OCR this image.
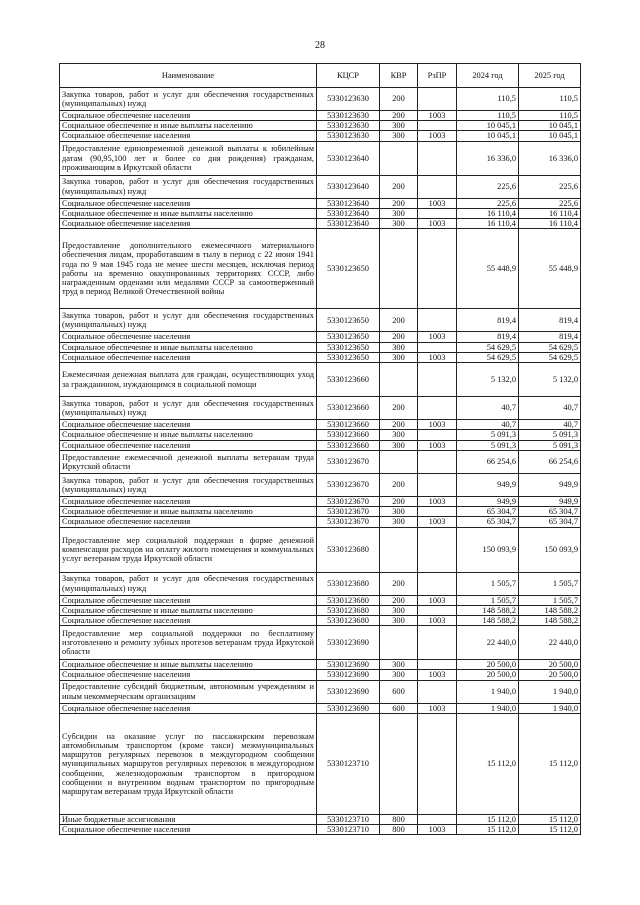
28
Наименование	КЦСР	КВР	РзПР	2024 год	2025 год
Закупка товаров, работ и услуг для обеспечения государственных (муниципальных) нужд	5330123630	200		110,5	110,5
Социальное обеспечение населения	5330123630	200	1003	110,5	110,5
Социальное обеспечение и иные выплаты населению	5330123630	300		10 045,1	10 045,1
Социальное обеспечение населения	5330123630	300	1003	10 045,1	10 045,1
Предоставление единовременной денежной выплаты к юбилейным датам (90,95,100 лет и более со дня рождения) гражданам, проживающим в Иркутской области	5330123640			16 336,0	16 336,0
Закупка товаров, работ и услуг для обеспечения государственных (муниципальных) нужд	5330123640	200		225,6	225,6
Социальное обеспечение населения	5330123640	200	1003	225,6	225,6
Социальное обеспечение и иные выплаты населению	5330123640	300		16 110,4	16 110,4
Социальное обеспечение населения	5330123640	300	1003	16 110,4	16 110,4
Предоставление дополнительного ежемесячного материального обеспечения лицам, проработавшим в тылу в период с 22 июня 1941 года по 9 мая 1945 года не менее шести месяцев, исключая период работы на временно оккупированных территориях СССР, либо награжденным орденами или медалями СССР за самоотверженный труд в период Великой Отечественной войны	5330123650			55 448,9	55 448,9
Закупка товаров, работ и услуг для обеспечения государственных (муниципальных) нужд	5330123650	200		819,4	819,4
Социальное обеспечение населения	5330123650	200	1003	819,4	819,4
Социальное обеспечение и иные выплаты населению	5330123650	300		54 629,5	54 629,5
Социальное обеспечение населения	5330123650	300	1003	54 629,5	54 629,5
Ежемесячная денежная выплата для граждан, осуществляющих уход за гражданином, нуждающимся в социальной помощи	5330123660			5 132,0	5 132,0
Закупка товаров, работ и услуг для обеспечения государственных (муниципальных) нужд	5330123660	200		40,7	40,7
Социальное обеспечение населения	5330123660	200	1003	40,7	40,7
Социальное обеспечение и иные выплаты населению	5330123660	300		5 091,3	5 091,3
Социальное обеспечение населения	5330123660	300	1003	5 091,3	5 091,3
Предоставление ежемесячной денежной выплаты ветеранам труда Иркутской области	5330123670			66 254,6	66 254,6
Закупка товаров, работ и услуг для обеспечения государственных (муниципальных) нужд	5330123670	200		949,9	949,9
Социальное обеспечение населения	5330123670	200	1003	949,9	949,9
Социальное обеспечение и иные выплаты населению	5330123670	300		65 304,7	65 304,7
Социальное обеспечение населения	5330123670	300	1003	65 304,7	65 304,7
Предоставление мер социальной поддержки в форме денежной компенсации расходов на оплату жилого помещения и коммунальных услуг ветеранам труда Иркутской области	5330123680			150 093,9	150 093,9
Закупка товаров, работ и услуг для обеспечения государственных (муниципальных) нужд	5330123680	200		1 505,7	1 505,7
Социальное обеспечение населения	5330123680	200	1003	1 505,7	1 505,7
Социальное обеспечение и иные выплаты населению	5330123680	300		148 588,2	148 588,2
Социальное обеспечение населения	5330123680	300	1003	148 588,2	148 588,2
Предоставление мер социальной поддержки по бесплатному изготовлению и ремонту зубных протезов ветеранам труда Иркутской области	5330123690			22 440,0	22 440,0
Социальное обеспечение и иные выплаты населению	5330123690	300		20 500,0	20 500,0
Социальное обеспечение населения	5330123690	300	1003	20 500,0	20 500,0
Предоставление субсидий бюджетным, автономным учреждениям и иным некоммерческим организациям	5330123690	600		1 940,0	1 940,0
Социальное обеспечение населения	5330123690	600	1003	1 940,0	1 940,0
Субсидии на оказание услуг по пассажирским перевозкам автомобильным транспортом (кроме такси) межмуниципальных маршрутов регулярных перевозок в междугородном сообщении муниципальных маршрутов регулярных перевозок в междугородном сообщении, железнодорожным транспортом в пригородном сообщении и внутренним водным транспортом по пригородным маршрутам ветеранам труда Иркутской области	5330123710			15 112,0	15 112,0
Иные бюджетные ассигнования	5330123710	800		15 112,0	15 112,0
Социальное обеспечение населения	5330123710	800	1003	15 112,0	15 112,0
